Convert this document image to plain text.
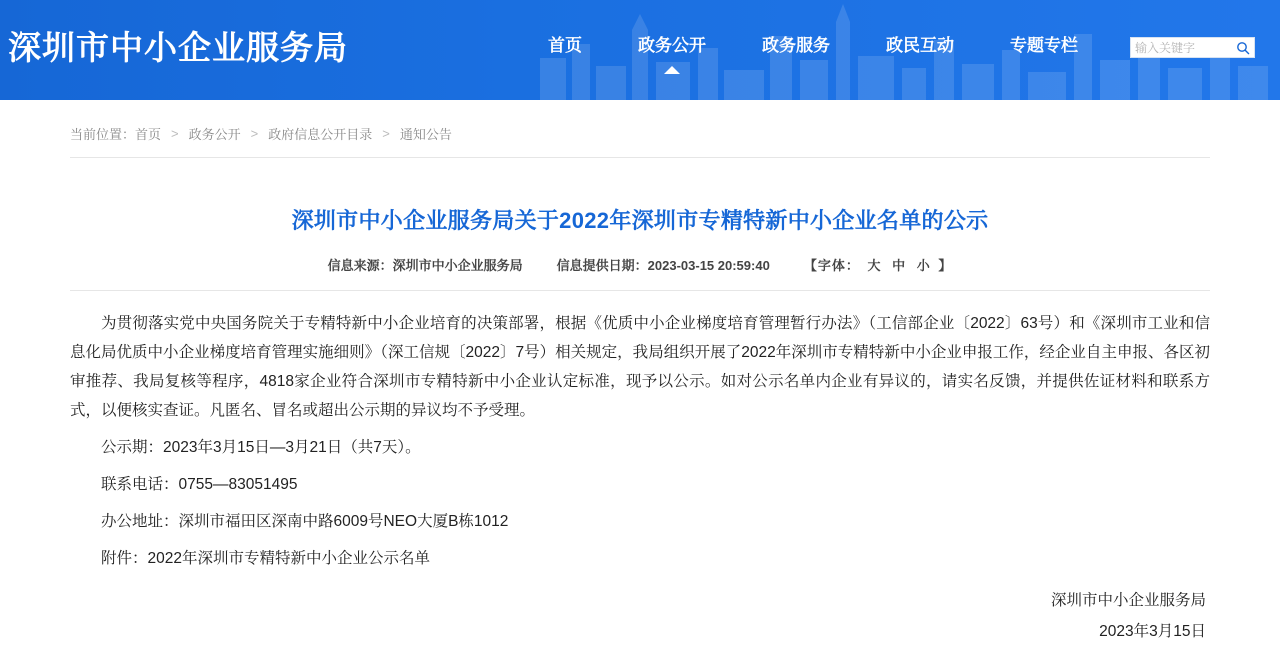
深圳市中小企业服务局	首页	政务公开	政务服务	政民互动	专题专栏
输入关键字
当前位置： 首页 > 政务公开 > 政府信息公开目录 > 通知公告
深圳市中小企业服务局关于2022年深圳市专精特新中小企业名单的公示
信息来源：深圳市中小企业服务局	信息提供日期：2023-03-15 20:59:40	【字体： 大 中 小 】

为贯彻落实党中央国务院关于专精特新中小企业培育的决策部署，根据《优质中小企业梯度培育管理暂行办法》（工信部企业〔2022〕63号）和《深圳市工业和信息化局优质中小企业梯度培育管理实施细则》（深工信规〔2022〕7号）相关规定，我局组织开展了2022年深圳市专精特新中小企业申报工作，经企业自主申报、各区初审推荐、我局复核等程序，4818家企业符合深圳市专精特新中小企业认定标准，现予以公示。如对公示名单内企业有异议的，请实名反馈，并提供佐证材料和联系方式，以便核实查证。凡匿名、冒名或超出公示期的异议均不予受理。

公示期：2023年3月15日—3月21日（共7天）。

联系电话：0755—83051495

办公地址：深圳市福田区深南中路6009号NEO大厦B栋1012

附件：2022年深圳市专精特新中小企业公示名单

深圳市中小企业服务局
2023年3月15日
